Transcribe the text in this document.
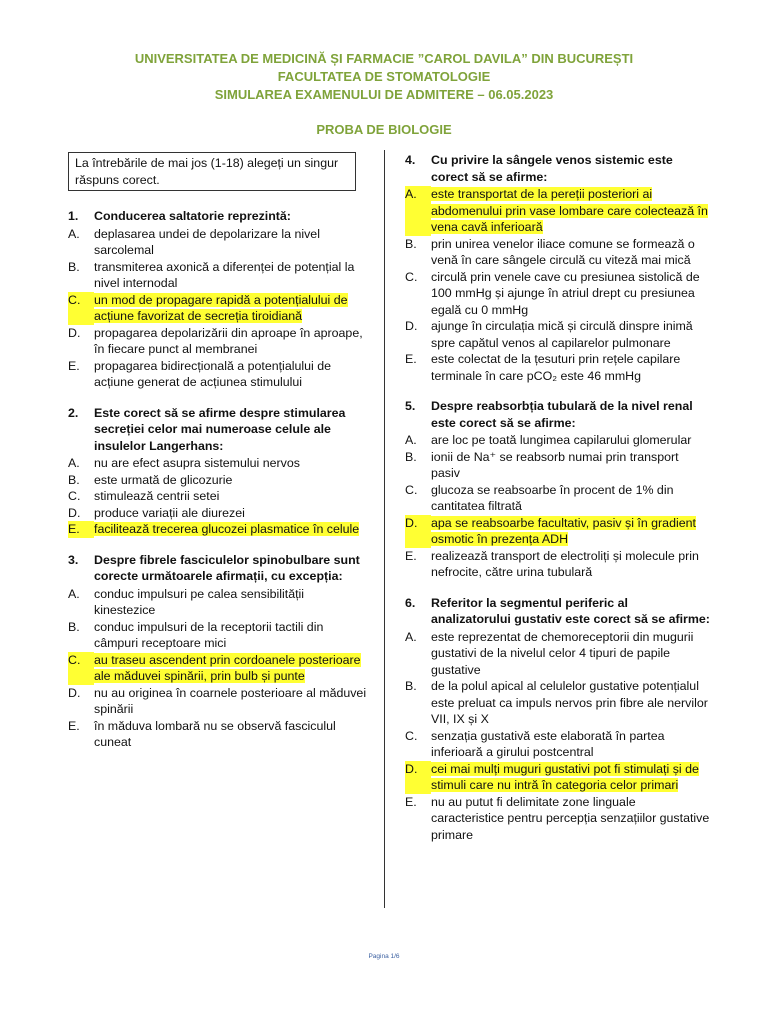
UNIVERSITATEA DE MEDICINĂ ȘI FARMACIE ”CAROL DAVILA” DIN BUCUREȘTI
FACULTATEA DE STOMATOLOGIE
SIMULAREA EXAMENULUI DE ADMITERE – 06.05.2023
PROBA DE BIOLOGIE
La întrebările de mai jos (1-18) alegeți un singur răspuns corect.
1.	Conducerea saltatorie reprezintă:
A.	deplasarea undei de depolarizare la nivel sarcolemal
B.	transmiterea axonică a diferenței de potențial la nivel internodal
C.	un mod de propagare rapidă a potențialului de acțiune favorizat de secreția tiroidiană
D.	propagarea depolarizării din aproape în aproape, în fiecare punct al membranei
E.	propagarea bidirecțională a potențialului de acțiune generat de acțiunea stimulului
2.	Este corect să se afirme despre stimularea secreției celor mai numeroase celule ale insulelor Langerhans:
A.	nu are efect asupra sistemului nervos
B.	este urmată de glicozurie
C.	stimulează centrii setei
D.	produce variații ale diurezei
E.	facilitează trecerea glucozei plasmatice în celule
3.	Despre fibrele fasciculelor spinobulbare sunt corecte următoarele afirmații, cu excepția:
A.	conduc impulsuri pe calea sensibilității kinestezice
B.	conduc impulsuri de la receptorii tactili din câmpuri receptoare mici
C.	au traseu ascendent prin cordoanele posterioare ale măduvei spinării, prin bulb și punte
D.	nu au originea în coarnele posterioare al măduvei spinării
E.	în măduva lombară nu se observă fasciculul cuneat
4.	Cu privire la sângele venos sistemic este corect să se afirme:
A.	este transportat de la pereții posteriori ai abdomenului prin vase lombare care colectează în vena cavă inferioară
B.	prin unirea venelor iliace comune se formează o venă în care sângele circulă cu viteză mai mică
C.	circulă prin venele cave cu presiunea sistolică de 100 mmHg și ajunge în atriul drept cu presiunea egală cu 0 mmHg
D.	ajunge în circulația mică și circulă dinspre inimă spre capătul venos al capilarelor pulmonare
E.	este colectat de la țesuturi prin rețele capilare terminale în care pCO₂ este 46 mmHg
5.	Despre reabsorbția tubulară de la nivel renal este corect să se afirme:
A.	are loc pe toată lungimea capilarului glomerular
B.	ionii de Na⁺ se reabsorb numai prin transport pasiv
C.	glucoza se reabsoarbe în procent de 1% din cantitatea filtrată
D.	apa se reabsoarbe facultativ, pasiv și în gradient osmotic în prezența ADH
E.	realizează transport de electroliți și molecule prin nefrocite, către urina tubulară
6.	Referitor la segmentul periferic al analizatorului gustativ este corect să se afirme:
A.	este reprezentat de chemoreceptorii din mugurii gustativi de la nivelul celor 4 tipuri de papile gustative
B.	de la polul apical al celulelor gustative potențialul este preluat ca impuls nervos prin fibre ale nervilor VII, IX și X
C.	senzația gustativă este elaborată în partea inferioară a girului postcentral
D.	cei mai mulți muguri gustativi pot fi stimulați și de stimuli care nu intră în categoria celor primari
E.	nu au putut fi delimitate zone linguale caracteristice pentru percepția senzațiilor gustative primare
Pagina 1/6
